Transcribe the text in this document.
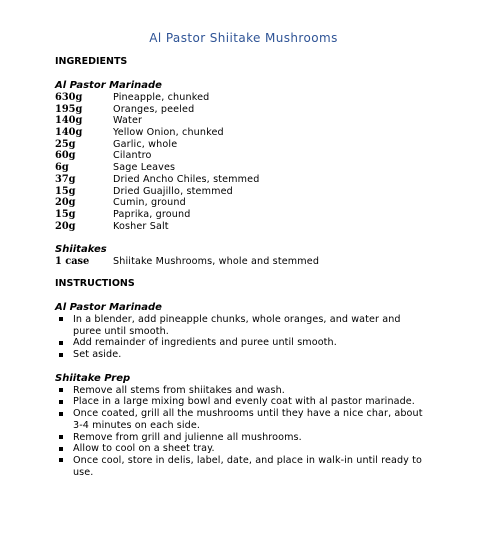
Al Pastor Shiitake Mushrooms
INGREDIENTS
Al Pastor Marinade
630g	Pineapple, chunked
195g	Oranges, peeled
140g	Water
140g	Yellow Onion, chunked
25g	Garlic, whole
60g	Cilantro
6g	Sage Leaves
37g	Dried Ancho Chiles, stemmed
15g	Dried Guajillo, stemmed
20g	Cumin, ground
15g	Paprika, ground
20g	Kosher Salt
Shiitakes
1 case	Shiitake Mushrooms, whole and stemmed
INSTRUCTIONS
Al Pastor Marinade
In a blender, add pineapple chunks, whole oranges, and water and puree until smooth.
Add remainder of ingredients and puree until smooth.
Set aside.
Shiitake Prep
Remove all stems from shiitakes and wash.
Place in a large mixing bowl and evenly coat with al pastor marinade.
Once coated, grill all the mushrooms until they have a nice char, about 3-4 minutes on each side.
Remove from grill and julienne all mushrooms.
Allow to cool on a sheet tray.
Once cool, store in delis, label, date, and place in walk-in until ready to use.
